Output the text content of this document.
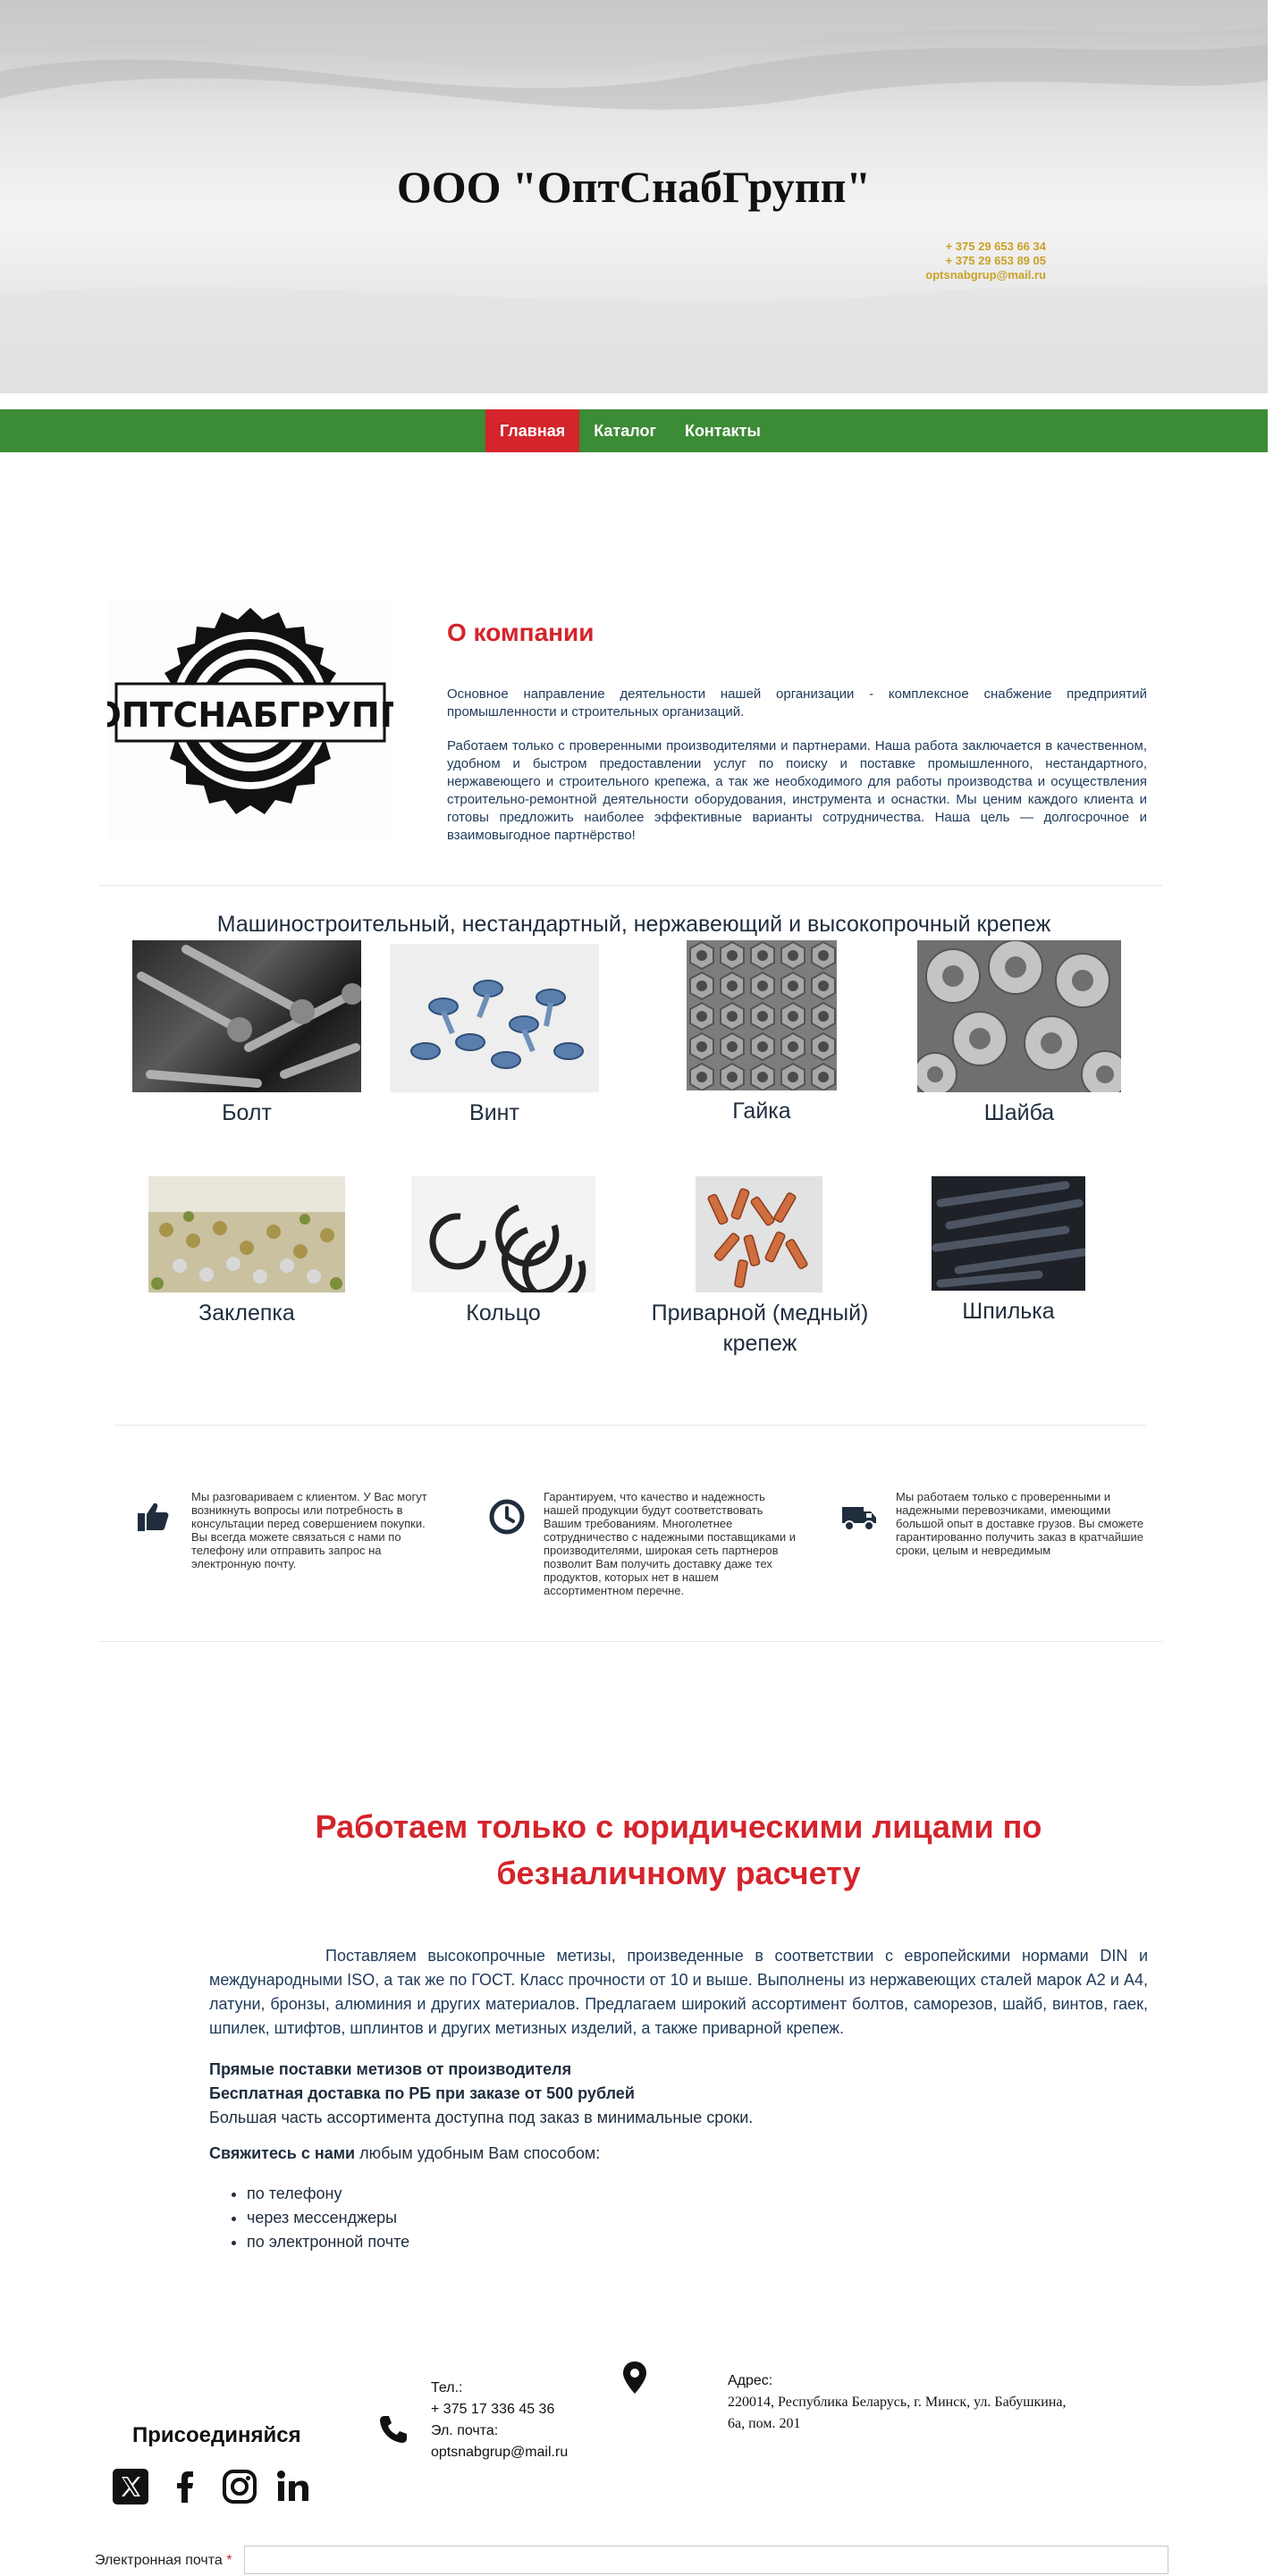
ООО "ОптСнабГрупп"
+ 375 29 653 66 34
+ 375 29 653 89 05
optsnabgrup@mail.ru
Главная	Каталог	Контакты
ОПТСНАБГРУПП
О компании
Основное направление деятельности нашей организации - комплексное снабжение предприятий промышленности и строительных организаций.
Работаем только с проверенными производителями и партнерами. Наша работа заключается в качественном, удобном и быстром предоставлении услуг по поиску и поставке промышленного, нестандартного, нержавеющего и строительного крепежа, а так же необходимого для работы производства и осуществления строительно-ремонтной деятельности оборудования, инструмента и оснастки. Мы ценим каждого клиента и готовы предложить наиболее эффективные варианты сотрудничества. Наша цель — долгосрочное и взаимовыгодное партнёрство!
Машиностроительный, нестандартный, нержавеющий и высокопрочный крепеж
Болт	Винт	Гайка	Шайба
Заклепка	Кольцо	Приварной (медный) крепеж
Шпилька
Мы разговариваем с клиентом. У Вас могут возникнуть вопросы или потребность в консультации перед совершением покупки. Вы всегда можете связаться с нами по телефону или отправить запрос на электронную почту.
Гарантируем, что качество и надежность нашей продукции будут соответствовать Вашим требованиям. Многолетнее сотрудничество с надежными поставщиками и производителями, широкая сеть партнеров позволит Вам получить доставку даже тех продуктов, которых нет в нашем ассортиментном перечне.
Мы работаем только с проверенными и надежными перевозчиками, имеющими большой опыт в доставке грузов. Вы сможете гарантированно получить заказ в кратчайшие сроки, целым и невредимым
Работаем только с юридическими лицами по безналичному расчету
Поставляем высокопрочные метизы, произведенные в соответствии с европейскими нормами DIN и международными ISO, а так же по ГОСТ. Класс прочности от 10 и выше. Выполнены из нержавеющих сталей марок A2 и A4, латуни, бронзы, алюминия и других материалов. Предлагаем широкий ассортимент болтов, саморезов, шайб, винтов, гаек, шпилек, штифтов, шплинтов и других метизных изделий, а также приварной крепеж.
Прямые поставки метизов от производителя
Бесплатная доставка по РБ при заказе от 500 рублей
Большая часть ассортимента доступна под заказ в минимальные сроки.
Свяжитесь с нами любым удобным Вам способом:
• по телефону
• через мессенджеры
• по электронной почте
Присоединяйся
Тел.:
+ 375 17 336 45 36
Эл. почта:
optsnabgrup@mail.ru
Адрес:
220014, Республика Беларусь, г. Минск, ул. Бабушкина, 6а, пом. 201
Электронная почта *
